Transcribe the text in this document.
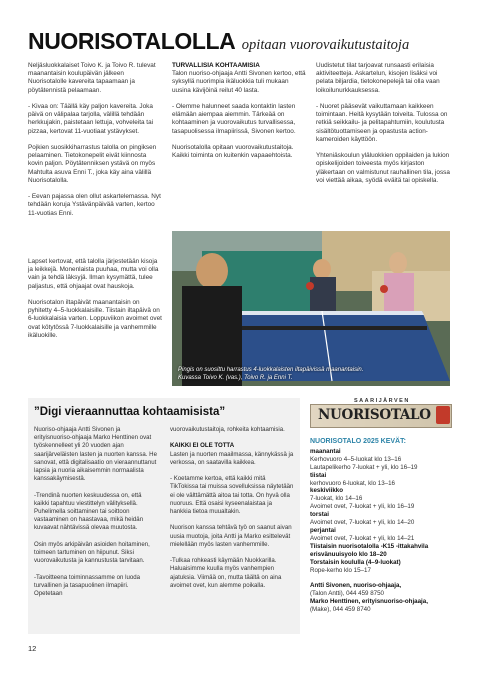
NUORISOTALOLLA opitaan vuorovaikutustaitoja

Neljäsluokkalaiset Toivo K. ja Toivo R. tulevat maanantaisin koulupäivän jälkeen Nuorisotalolle kavereita tapaamaan ja pöytätennistä pelaamaan.

- Kivaa on: Täällä käy paljon kavereita. Joka päivä on välipalaa tarjolla, välillä tehdään herkkujakin, paistetaan lettuja, vohveleita tai pizzaa, kertovat 11-vuotiaat ystävykset.

Pojkien suosikkiharrastus talolla on pingiksen pelaaminen. Tietokonepelit eivät kiinnosta kovin paljon. Pöytätenniksen ystävä on myös Mahtulta asuva Enni T., joka käy aina välillä Nuorisotalolla.

- Eevan pajassa olen ollut askartelemassa. Nyt tehdään koruja Ystävänpäivää varten, kertoo 11-vuotias Enni.

Lapset kertovat, että talolla järjestetään kisoja ja leikkejä. Monenlaista puuhaa, mutta voi olla vain ja tehdä läksyjä. Ilman kysymättä, tulee paljastus, että ohjaajat ovat hauskoja.

Nuorisotalon iltapäivät maanantaisin on pyhitetty 4–5-luokkalaisille. Tiistain iltapäivä on 6-luokkalaisia varten. Loppuviikon avoimet ovet ovat kötytössä 7-luokkalaisille ja vanhemmille ikäluokille.

TURVALLISIA KOHTAAMISIA

Talon nuoriso-ohjaaja Antti Sivonen kertoo, että syksyllä nuorimpia ikäluokkia tuli mukaan uusina kävijöinä reilut 40 lasta.

- Olemme halunneet saada kontaktin lasten elämään aiempaa aiemmin. Tärkeää on kohtaaminen ja vuorovaikutus turvallisessa, tasapuolisessa ilmapiirissä, Sivonen kertoo.

Nuorisotalolla opitaan vuorovaikutustaitoja. Kaikki toiminta on kuitenkin vapaaehtoista.

Uudistetut tilat tarjoavat runsaasti erilaisia aktiviteetteja. Askartelun, kisojen lisäksi voi pelata biljardia, tietokonepelejä tai olla vaan loikoilunurkkauksessa.

- Nuoret pääsevät vaikuttamaan kaikkeen toimintaan. Heitä kysytään toiveita. Tulossa on retkiä seikkailu- ja pelitapahtumiin, koulutusta sisältötuottamiseen ja opastusta action-kameroiden käyttöön.

Yhteniäskoulun yläluokkien oppilaiden ja lukion opiskelijoiden toiveesta myös kirjaston yläkertaan on valmistunut rauhallinen tila, jossa voi viettää aikaa, syödä eväitä tai opiskella.

Pingis on suosittu harrastus 4-luokkalaisten iltapäivissä maanantaisin. Kuvassa Toivo K. (vas.), Toivo R. ja Enni T.
”Digi vieraannuttaa kohtaamisista”

Nuoriso-ohjaaja Antti Sivonen ja erityisnuoriso-ohjaaja Marko Henttinen ovat työskennelleet yli 20 vuoden ajan saarijärveläisten lasten ja nuorten kanssa. He sanovat, että digitalisaatio on vieraannuttanut lapsia ja nuoria aikaisemmin normaalista kanssakäymisestä.

-Trendinä nuorten keskuudessa on, että kaikki tapahtuu viestittelyn välityksellä. Puhelimella soittaminen tai soittoon vastaaminen on haastavaa, mikä heidän kuvaavat nähtävissä olevaa muutosta.

Osin myös arkipäivän asioiden hoitaminen, toimeen tartuminen on hiipunut. Siksi vuorovaikutusta ja kannustusta tarvitaan.

-Tavoitteena toiminnassamme on luoda turvallinen ja tasapuolinen ilmapiiri. Opetetaan

vuorovaikutustaitoja, rohkeita kohtaamisia.

KAIKKI EI OLE TOTTA

Lasten ja nuorten maailmassa, kännykässä ja verkossa, on saatavilla kaikkea.

- Koetamme kertoa, että kaikki mitä TikTokissa tai muissa sovelluksissa näytetään ei ole välttämättä aitoa tai totta. On hyvä olla nuoruus. Että osaisi kyseenalaistaa ja hankkia tietoa muualtakin.

Nuorison kanssa tehtävä työ on saanut aivan uusia muotoja, joita Antti ja Marko esittelevät mielellään myös lasten vanhemmille.

-Tulkaa rohkeasti käymään Nuokkarilla. Haluaisimme kuulla myös vanhempien ajatuksia. Viimää on, mutta täältä on aina avoimet ovet, kun alemme poikalla.

SAARIJÄRVEN
NUORISOTALO
NUORISOTALO 2025 KEVÄT:
maanantai
Kerhovuoro 4–5-luokat klo 13–16
Lautapelikerho 7-luokat + yli, klo 16–19
tiistai
kerhovuoro 6-luokat, klo 13–16
keskiviikko
7-luokat, klo 14–16
Avoimet ovet, 7-luokat + yli, klo 16–19
torstai
Avoimet ovet, 7-luokat + yli, klo 14–20
perjantai
Avoimet ovet, 7-luokat + yli, klo 14–21
Tiistaisin nuorisotalolla -K15 -ittakahvila erisvänuuisyolo klo 18–20
Torstaisin koululla (4–9-luokat)
Rope-kerho klo 15–17
Antti Sivonen, nuoriso-ohjaaja,
(Talon Antti), 044 459 8750
Marko Henttinen, erityisnuoriso-ohjaaja,
(Make), 044 459 8740
12
